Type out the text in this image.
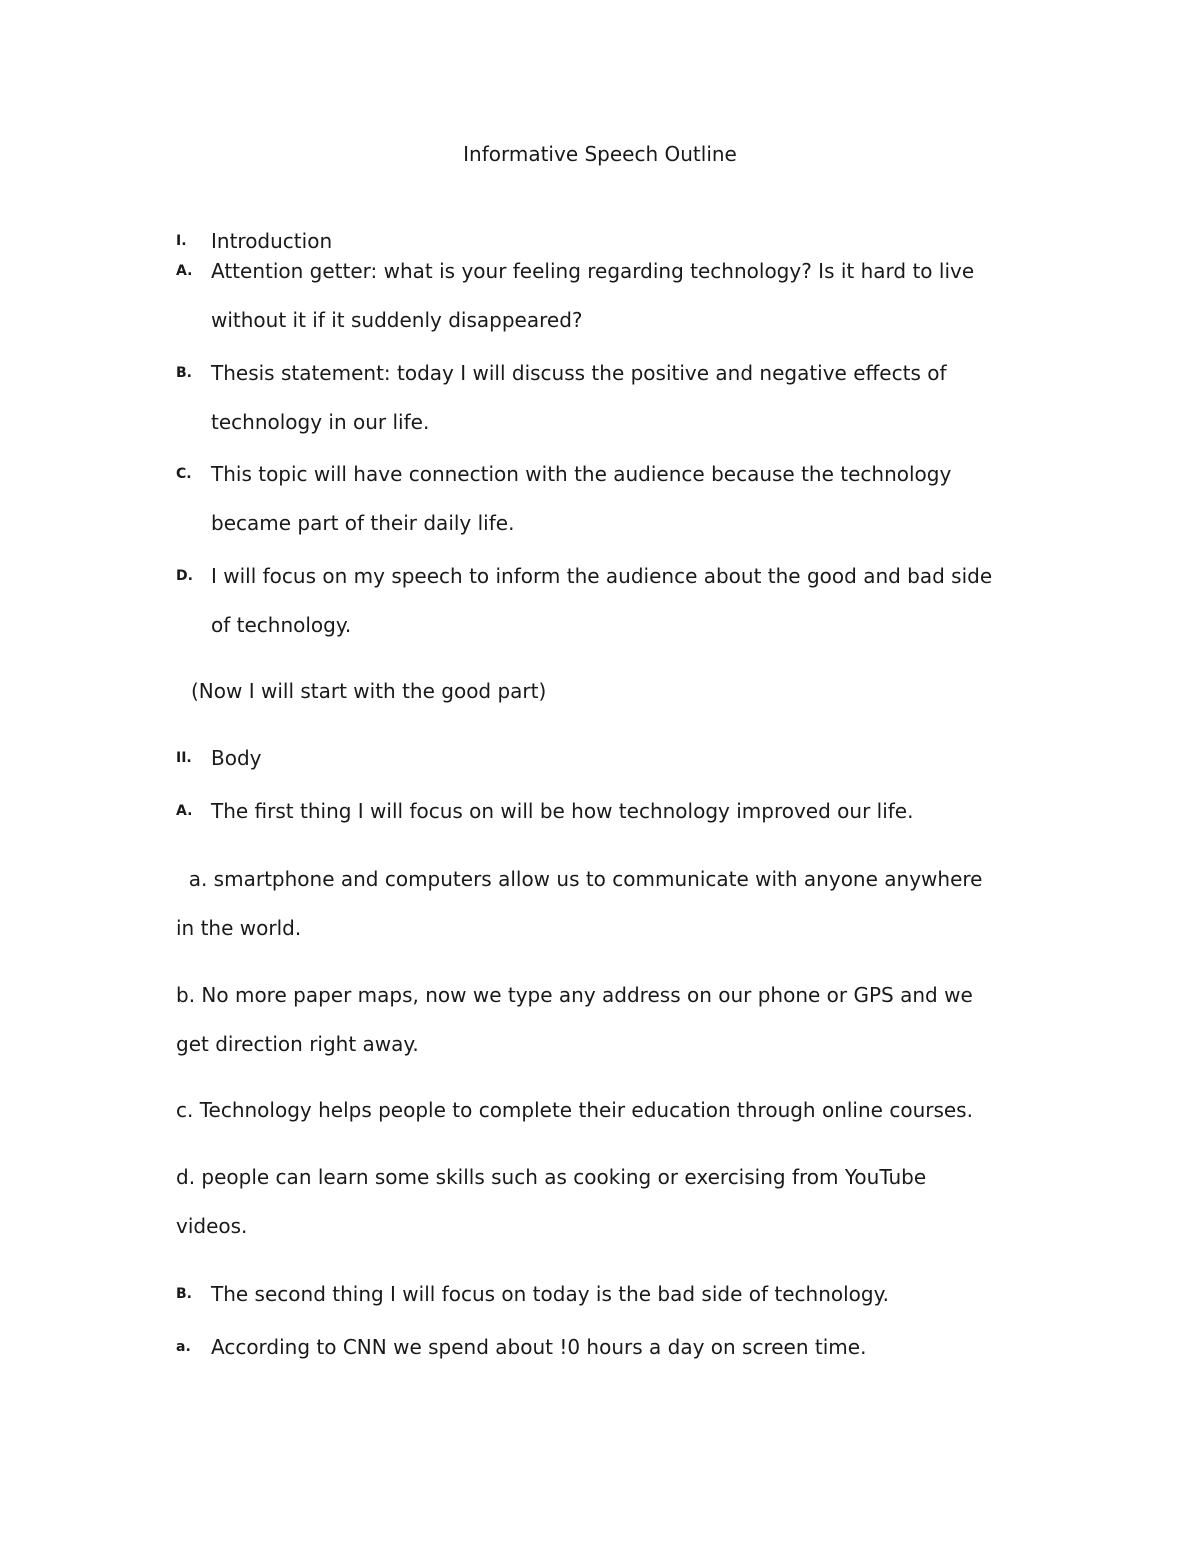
Informative Speech Outline
I. Introduction
A. Attention getter: what is your feeling regarding technology? Is it hard to live
without it if it suddenly disappeared?
B. Thesis statement: today I will discuss the positive and negative effects of
technology in our life.
C. This topic will have connection with the audience because the technology
became part of their daily life.
D. I will focus on my speech to inform the audience about the good and bad side
of technology.
(Now I will start with the good part)
II. Body
A. The first thing I will focus on will be how technology improved our life.
a. smartphone and computers allow us to communicate with anyone anywhere
in the world.
b. No more paper maps, now we type any address on our phone or GPS and we
get direction right away.
c. Technology helps people to complete their education through online courses.
d. people can learn some skills such as cooking or exercising from YouTube
videos.
B. The second thing I will focus on today is the bad side of technology.
a. According to CNN we spend about !0 hours a day on screen time.
